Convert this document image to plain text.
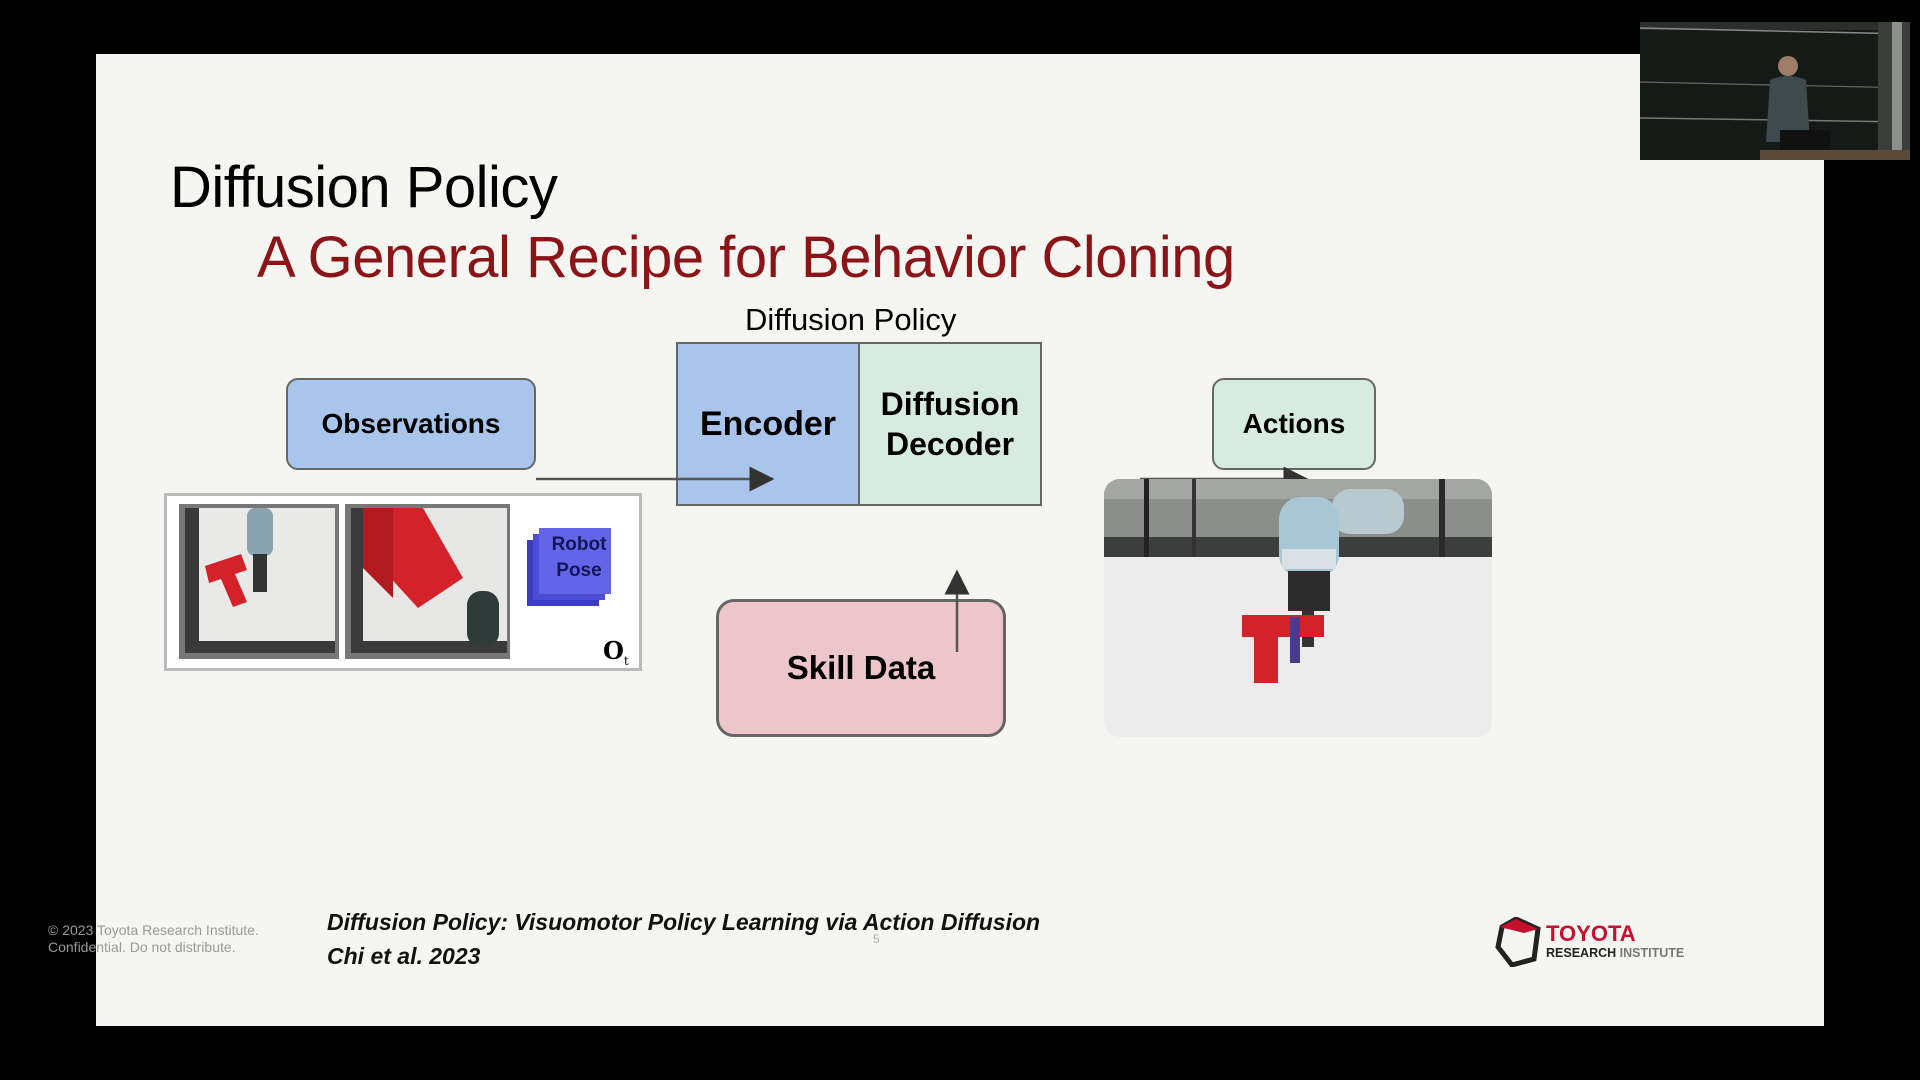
Diffusion Policy
A General Recipe for Behavior Cloning
Diffusion Policy
Observations	Encoder
Diffusion
Decoder
Actions
Skill Data
Robot
Pose
$O_t$
© 2023 Toyota Research Institute.
Confidential. Do not distribute.
Diffusion Policy: Visuomotor Policy Learning via Action Diffusion
Chi et al. 2023
5	TOYOTA
RESEARCH INSTITUTE
